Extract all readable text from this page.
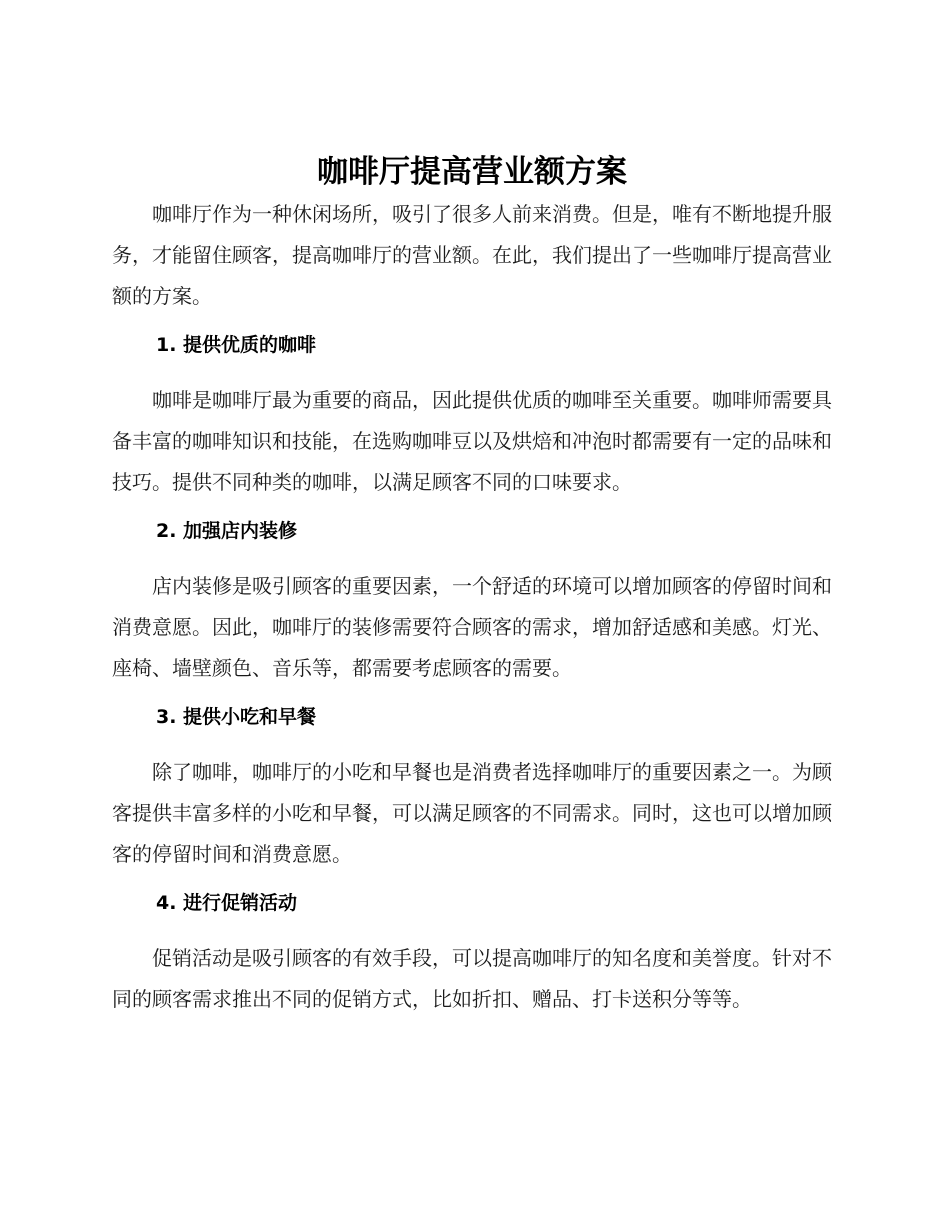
咖啡厅提高营业额方案

咖啡厅作为一种休闲场所，吸引了很多人前来消费。但是，唯有不断地提升服务，才能留住顾客，提高咖啡厅的营业额。在此，我们提出了一些咖啡厅提高营业额的方案。

1. 提供优质的咖啡

咖啡是咖啡厅最为重要的商品，因此提供优质的咖啡至关重要。咖啡师需要具备丰富的咖啡知识和技能，在选购咖啡豆以及烘焙和冲泡时都需要有一定的品味和技巧。提供不同种类的咖啡，以满足顾客不同的口味要求。

2. 加强店内装修

店内装修是吸引顾客的重要因素，一个舒适的环境可以增加顾客的停留时间和消费意愿。因此，咖啡厅的装修需要符合顾客的需求，增加舒适感和美感。灯光、座椅、墙壁颜色、音乐等，都需要考虑顾客的需要。

3. 提供小吃和早餐

除了咖啡，咖啡厅的小吃和早餐也是消费者选择咖啡厅的重要因素之一。为顾客提供丰富多样的小吃和早餐，可以满足顾客的不同需求。同时，这也可以增加顾客的停留时间和消费意愿。

4. 进行促销活动

促销活动是吸引顾客的有效手段，可以提高咖啡厅的知名度和美誉度。针对不同的顾客需求推出不同的促销方式，比如折扣、赠品、打卡送积分等等。
